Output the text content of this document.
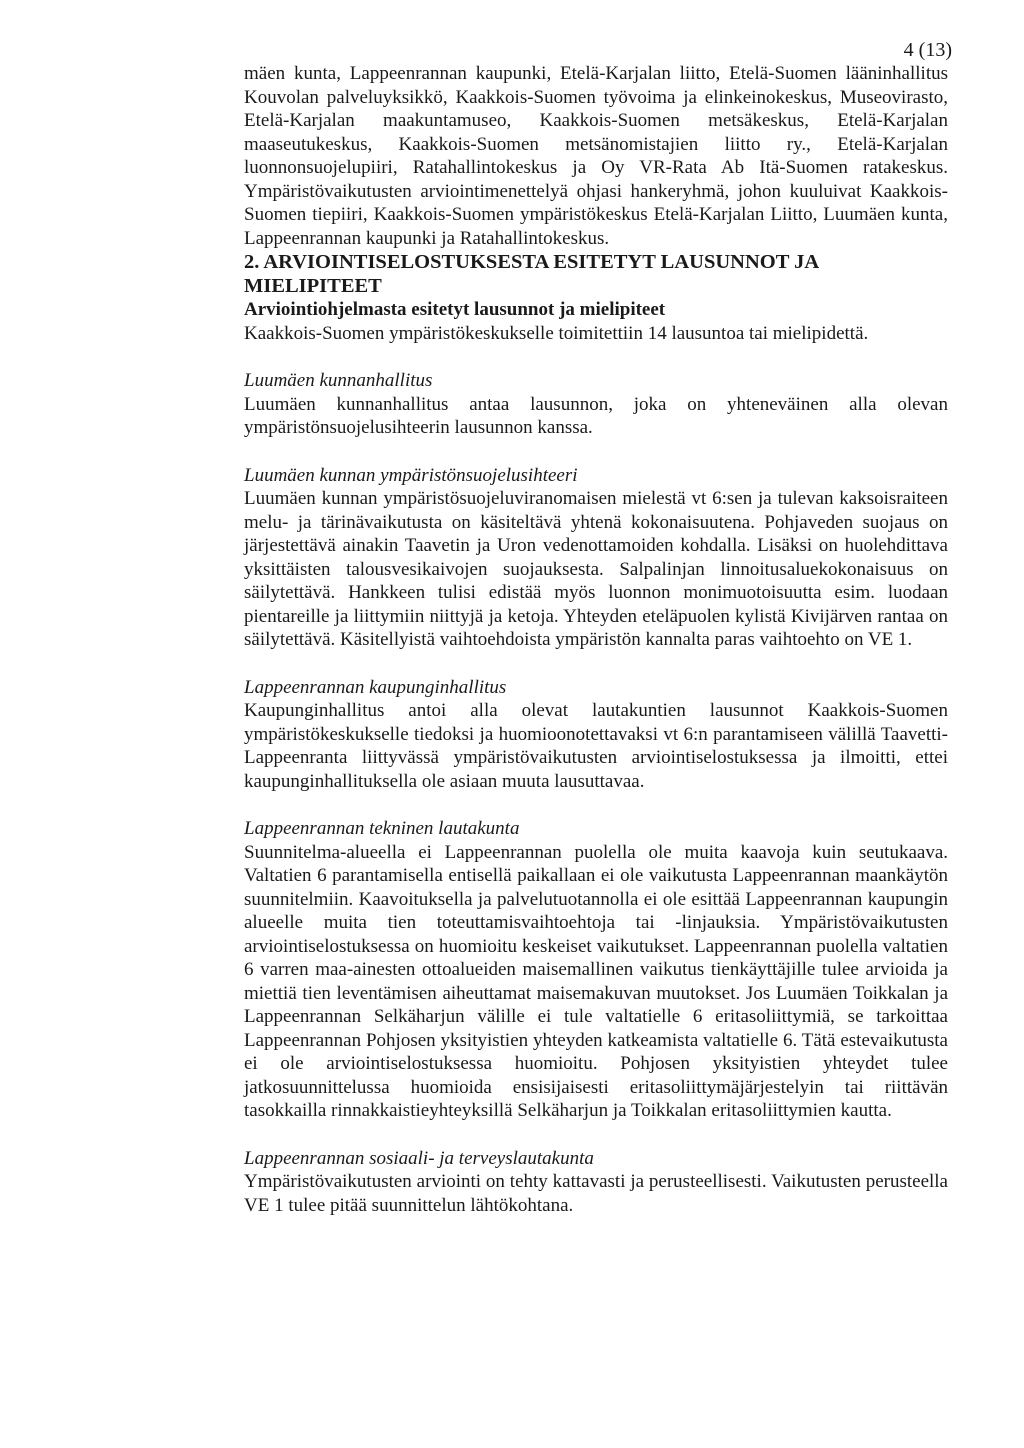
4 (13)

mäen kunta, Lappeenrannan kaupunki, Etelä-Karjalan liitto, Etelä-Suomen lääninhallitus Kouvolan palveluyksikkö, Kaakkois-Suomen työvoima ja elinkeinokeskus, Museovirasto, Etelä-Karjalan maakuntamuseo, Kaakkois-Suomen metsäkeskus, Etelä-Karjalan maaseutukeskus, Kaakkois-Suomen metsänomistajien liitto ry., Etelä-Karjalan luonnonsuojelupiiri, Ratahallintokeskus ja Oy VR-Rata Ab Itä-Suomen ratakeskus. Ympäristövaikutusten arviointimenettelyä ohjasi hankeryhmä, johon kuuluivat Kaakkois-Suomen tiepiiri, Kaakkois-Suomen ympäristökeskus Etelä-Karjalan Liitto, Luumäen kunta, Lappeenrannan kaupunki ja Ratahallintokeskus.

2. ARVIOINTISELOSTUKSESTA ESITETYT LAUSUNNOT JA MIELIPITEET

Arviointiohjelmasta esitetyt lausunnot ja mielipiteet

Kaakkois-Suomen ympäristökeskukselle toimitettiin 14 lausuntoa tai mielipidettä.

Luumäen kunnanhallitus

Luumäen kunnanhallitus antaa lausunnon, joka on yhteneväinen alla olevan ympäristönsuojelusihteerin lausunnon kanssa.

Luumäen kunnan ympäristönsuojelusihteeri

Luumäen kunnan ympäristösuojeluviranomaisen mielestä vt 6:sen ja tulevan kaksoisraiteen melu- ja tärinävaikutusta on käsiteltävä yhtenä kokonaisuutena. Pohjaveden suojaus on järjestettävä ainakin Taavetin ja Uron vedenottamoiden kohdalla. Lisäksi on huolehdittava yksittäisten talousvesikaivojen suojauksesta. Salpalinjan linnoitusaluekokonaisuus on säilytettävä. Hankkeen tulisi edistää myös luonnon monimuotoisuutta esim. luodaan pientareille ja liittymiin niittyjä ja ketoja. Yhteyden eteläpuolen kylistä Kivijärven rantaa on säilytettävä. Käsitellyistä vaihtoehdoista ympäristön kannalta paras vaihtoehto on VE 1.

Lappeenrannan kaupunginhallitus

Kaupunginhallitus antoi alla olevat lautakuntien lausunnot Kaakkois-Suomen ympäristökeskukselle tiedoksi ja huomioonotettavaksi vt 6:n parantamiseen välillä Taavetti-Lappeenranta liittyvässä ympäristövaikutusten arviointiselostuksessa ja ilmoitti, ettei kaupunginhallituksella ole asiaan muuta lausuttavaa.

Lappeenrannan tekninen lautakunta

Suunnitelma-alueella ei Lappeenrannan puolella ole muita kaavoja kuin seutukaava. Valtatien 6 parantamisella entisellä paikallaan ei ole vaikutusta Lappeenrannan maankäytön suunnitelmiin. Kaavoituksella ja palvelutuotannolla ei ole esittää Lappeenrannan kaupungin alueelle muita tien toteuttamisvaihtoehtoja tai -linjauksia. Ympäristövaikutusten arviointiselostuksessa on huomioitu keskeiset vaikutukset. Lappeenrannan puolella valtatien 6 varren maa-ainesten ottoalueiden maisemallinen vaikutus tienkäyttäjille tulee arvioida ja miettiä tien leventämisen aiheuttamat maisemakuvan muutokset. Jos Luumäen Toikkalan ja Lappeenrannan Selkäharjun välille ei tule valtatielle 6 eritasoliittymiä, se tarkoittaa Lappeenrannan Pohjosen yksityistien yhteyden katkeamista valtatielle 6. Tätä estevaikutusta ei ole arviointiselostuksessa huomioitu. Pohjosen yksityistien yhteydet tulee jatkosuunnittelussa huomioida ensisijaisesti eritasoliittymäjärjestelyin tai riittävän tasokkailla rinnakkaistieyhteyksillä Selkäharjun ja Toikkalan eritasoliittymien kautta.

Lappeenrannan sosiaali- ja terveyslautakunta

Ympäristövaikutusten arviointi on tehty kattavasti ja perusteellisesti. Vaikutusten perusteella VE 1 tulee pitää suunnittelun lähtökohtana.
